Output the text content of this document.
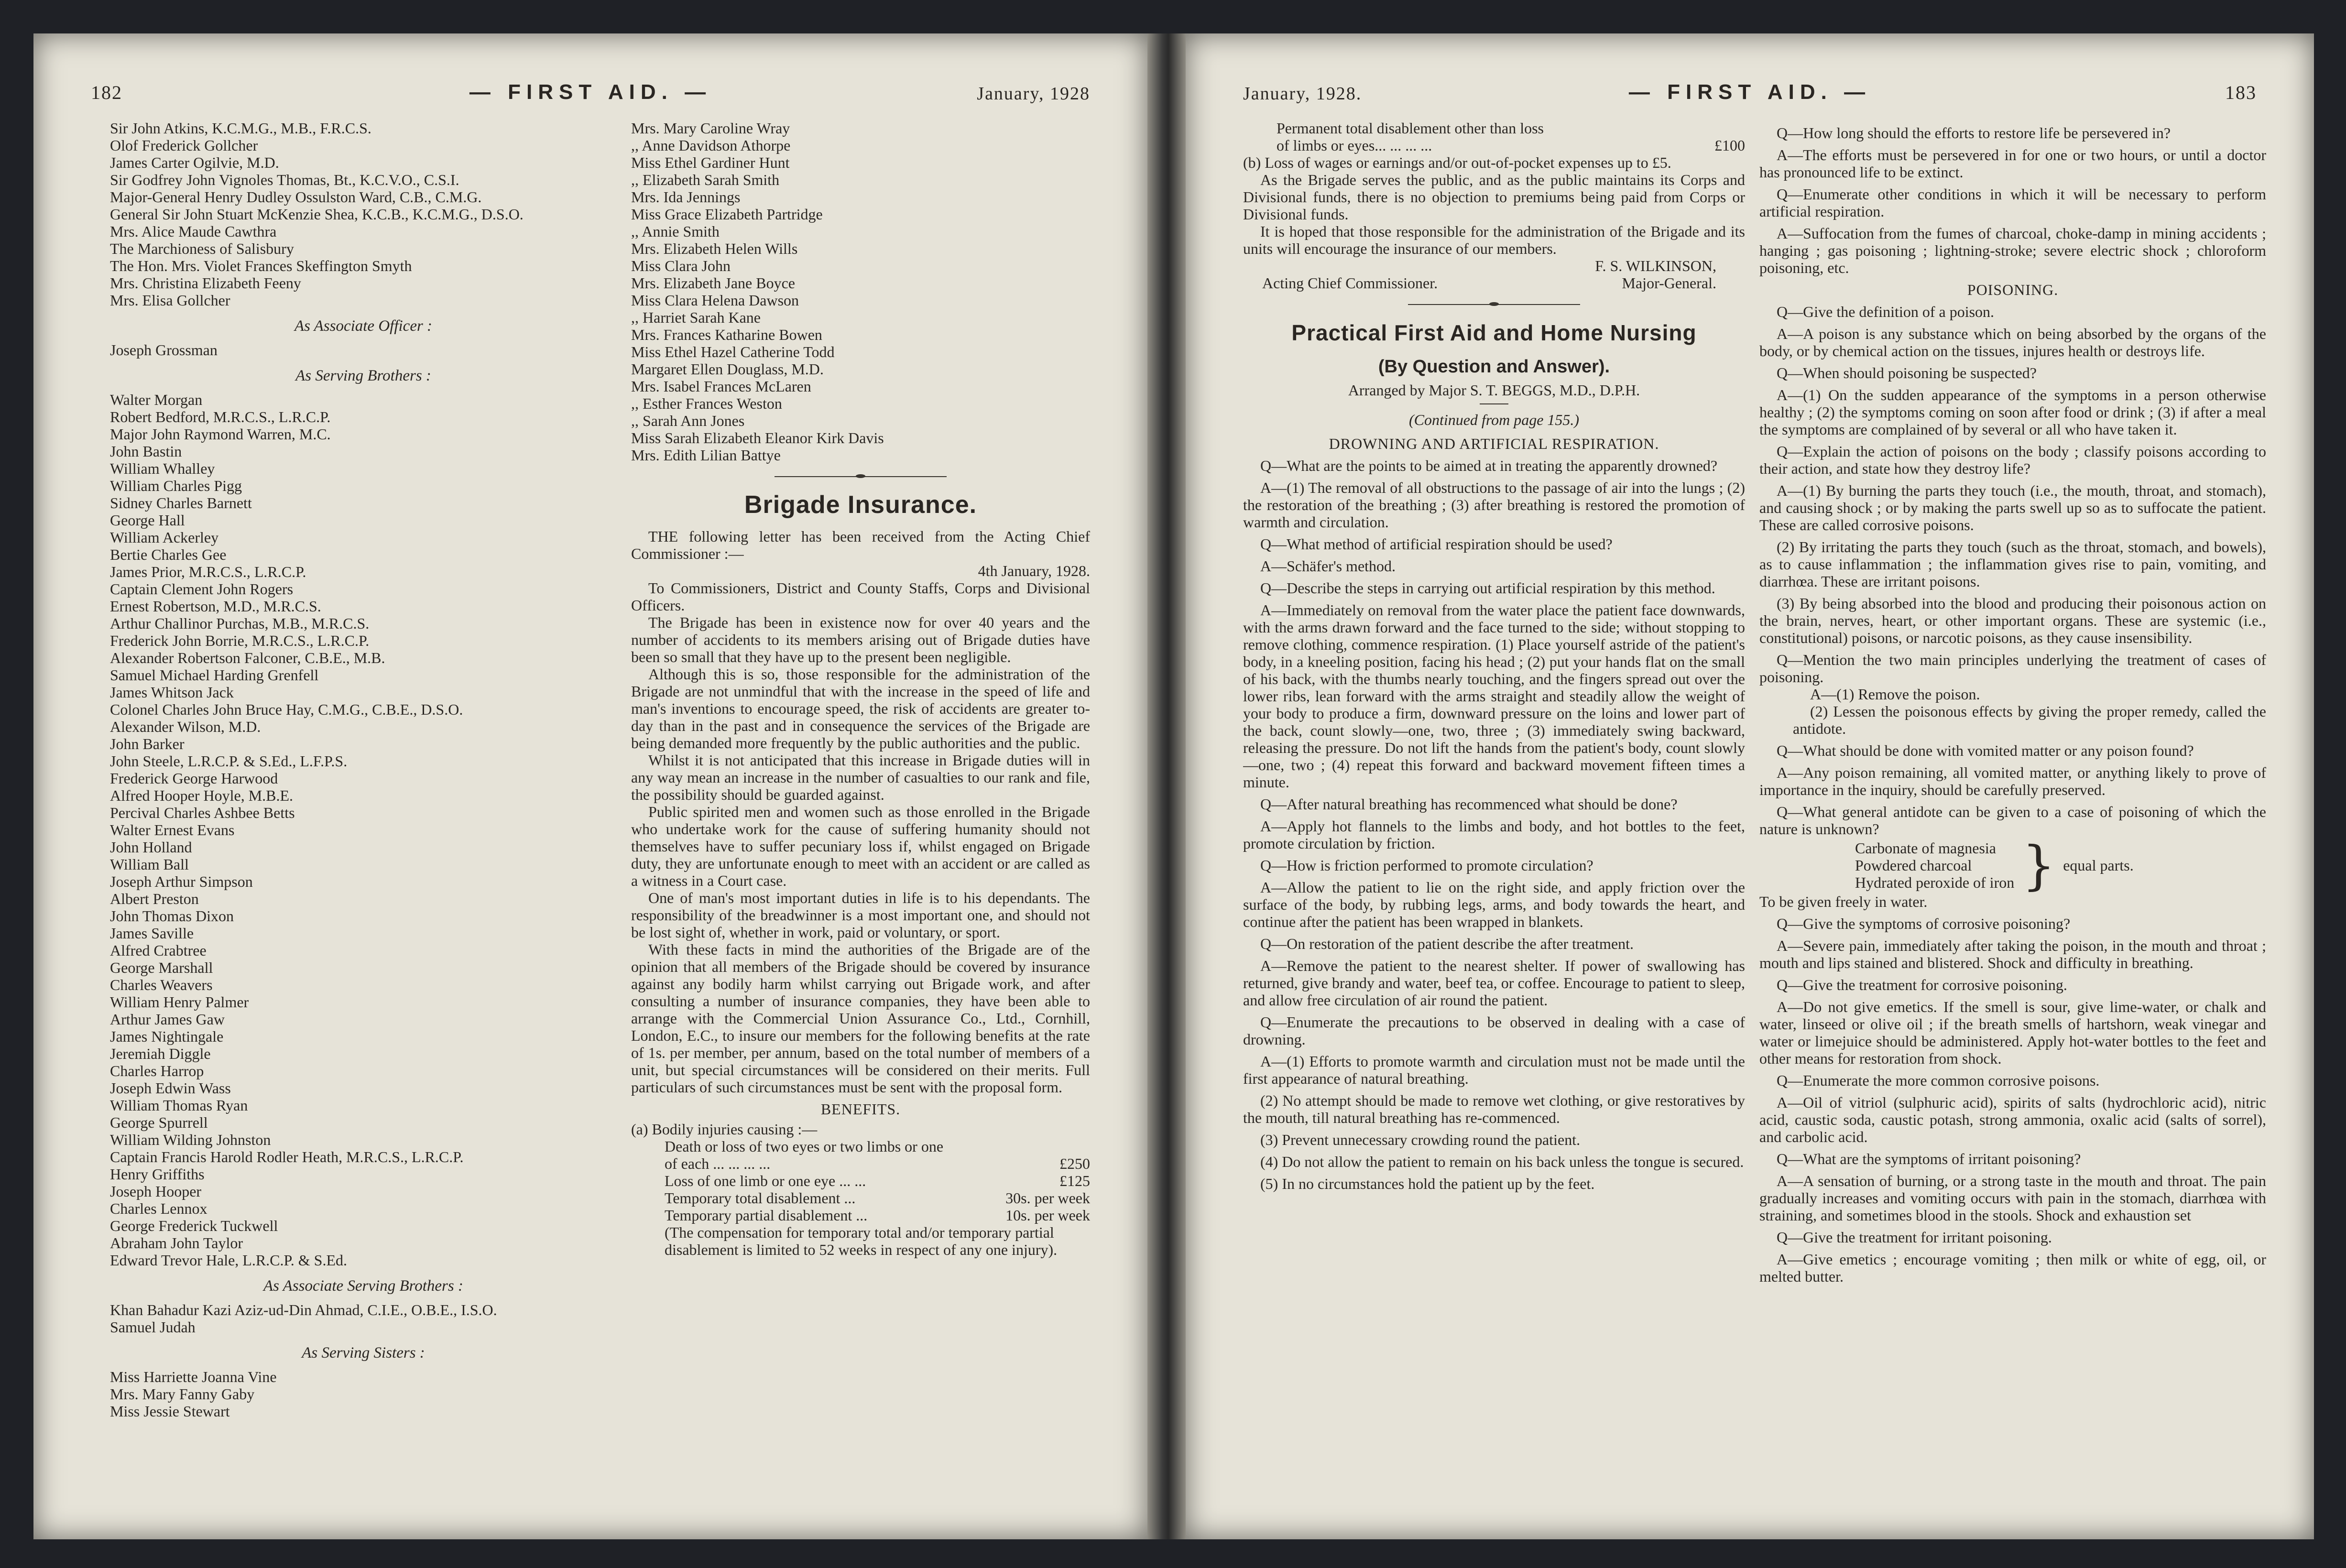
182	— FIRST AID. —	January, 1928
Sir John Atkins, K.C.M.G., M.B., F.R.C.S.
Olof Frederick Gollcher
James Carter Ogilvie, M.D.
Sir Godfrey John Vignoles Thomas, Bt., K.C.V.O., C.S.I.
Major-General Henry Dudley Ossulston Ward, C.B., C.M.G.
General Sir John Stuart McKenzie Shea, K.C.B., K.C.M.G., D.S.O.
Mrs. Alice Maude Cawthra
The Marchioness of Salisbury
The Hon. Mrs. Violet Frances Skeffington Smyth
Mrs. Christina Elizabeth Feeny
Mrs. Elisa Gollcher
As Associate Officer :
Joseph Grossman
As Serving Brothers :
Walter Morgan
Robert Bedford, M.R.C.S., L.R.C.P.
Major John Raymond Warren, M.C.
John Bastin
William Whalley
William Charles Pigg
Sidney Charles Barnett
George Hall
William Ackerley
Bertie Charles Gee
James Prior, M.R.C.S., L.R.C.P.
Captain Clement John Rogers
Ernest Robertson, M.D., M.R.C.S.
Arthur Challinor Purchas, M.B., M.R.C.S.
Frederick John Borrie, M.R.C.S., L.R.C.P.
Alexander Robertson Falconer, C.B.E., M.B.
Samuel Michael Harding Grenfell
James Whitson Jack
Colonel Charles John Bruce Hay, C.M.G., C.B.E., D.S.O.
Alexander Wilson, M.D.
John Barker
John Steele, L.R.C.P. & S.Ed., L.F.P.S.
Frederick George Harwood
Alfred Hooper Hoyle, M.B.E.
Percival Charles Ashbee Betts
Walter Ernest Evans
John Holland
William Ball
Joseph Arthur Simpson
Albert Preston
John Thomas Dixon
James Saville
Alfred Crabtree
George Marshall
Charles Weavers
William Henry Palmer
Arthur James Gaw
James Nightingale
Jeremiah Diggle
Charles Harrop
Joseph Edwin Wass
William Thomas Ryan
George Spurrell
William Wilding Johnston
Captain Francis Harold Rodler Heath, M.R.C.S., L.R.C.P.
Henry Griffiths
Joseph Hooper
Charles Lennox
George Frederick Tuckwell
Abraham John Taylor
Edward Trevor Hale, L.R.C.P. & S.Ed.
As Associate Serving Brothers :
Khan Bahadur Kazi Aziz-ud-Din Ahmad, C.I.E., O.B.E., I.S.O.
Samuel Judah
As Serving Sisters :
Miss Harriette Joanna Vine
Mrs. Mary Fanny Gaby
Miss Jessie Stewart
Mrs. Mary Caroline Wray
,, Anne Davidson Athorpe
Miss Ethel Gardiner Hunt
,, Elizabeth Sarah Smith
Mrs. Ida Jennings
Miss Grace Elizabeth Partridge
,, Annie Smith
Mrs. Elizabeth Helen Wills
Miss Clara John
Mrs. Elizabeth Jane Boyce
Miss Clara Helena Dawson
,, Harriet Sarah Kane
Mrs. Frances Katharine Bowen
Miss Ethel Hazel Catherine Todd
Margaret Ellen Douglass, M.D.
Mrs. Isabel Frances McLaren
,, Esther Frances Weston
,, Sarah Ann Jones
Miss Sarah Elizabeth Eleanor Kirk Davis
Mrs. Edith Lilian Battye
Brigade Insurance.

THE following letter has been received from the Acting Chief Commissioner :—

4th January, 1928.

To Commissioners, District and County Staffs, Corps and Divisional Officers.

The Brigade has been in existence now for over 40 years and the number of accidents to its members arising out of Brigade duties have been so small that they have up to the present been negligible.
Although this is so, those responsible for the administration of the Brigade are not unmindful that with the increase in the speed of life and man's inventions to encourage speed, the risk of accidents are greater to-day than in the past and in consequence the services of the Brigade are being demanded more frequently by the public authorities and the public.
Whilst it is not anticipated that this increase in Brigade duties will in any way mean an increase in the number of casualties to our rank and file, the possibility should be guarded against.
Public spirited men and women such as those enrolled in the Brigade who undertake work for the cause of suffering humanity should not themselves have to suffer pecuniary loss if, whilst engaged on Brigade duty, they are unfortunate enough to meet with an accident or are called as a witness in a Court case.
One of man's most important duties in life is to his dependants. The responsibility of the breadwinner is a most important one, and should not be lost sight of, whether in work, paid or voluntary, or sport.
With these facts in mind the authorities of the Brigade are of the opinion that all members of the Brigade should be covered by insurance against any bodily harm whilst carrying out Brigade work, and after consulting a number of insurance companies, they have been able to arrange with the Commercial Union Assurance Co., Ltd., Cornhill, London, E.C., to insure our members for the following benefits at the rate of 1s. per member, per annum, based on the total number of members of a unit, but special circumstances will be considered on their merits. Full particulars of such circumstances must be sent with the proposal form.
BENEFITS.

(a) Bodily injuries causing :—

Death or loss of two eyes or two limbs or one
of each ... ... ... ...	£250
Loss of one limb or one eye ... ...	£125
Temporary total disablement ...	30s. per week
Temporary partial disablement ...	10s. per week

(The compensation for temporary total and/or temporary partial disablement is limited to 52 weeks in respect of any one injury).

January, 1928.	— FIRST AID. —	183
Permanent total disablement other than loss
of limbs or eyes... ... ... ...	£100

(b) Loss of wages or earnings and/or out-of-pocket expenses up to £5.

As the Brigade serves the public, and as the public maintains its Corps and Divisional funds, there is no objection to premiums being paid from Corps or Divisional funds.
It is hoped that those responsible for the administration of the Brigade and its units will encourage the insurance of our members.

F. S. WILKINSON,

Acting Chief Commissioner.	Major-General.
Practical First Aid and Home Nursing
(By Question and Answer).

Arranged by Major S. T. BEGGS, M.D., D.P.H.

(Continued from page 155.)

DROWNING AND ARTIFICIAL RESPIRATION.
Q—What are the points to be aimed at in treating the apparently drowned?
A—(1) The removal of all obstructions to the passage of air into the lungs ; (2) the restoration of the breathing ; (3) after breathing is restored the promotion of warmth and circulation.
Q—What method of artificial respiration should be used?
A—Schäfer's method.
Q—Describe the steps in carrying out artificial respiration by this method.
A—Immediately on removal from the water place the patient face downwards, with the arms drawn forward and the face turned to the side; without stopping to remove clothing, commence respiration. (1) Place yourself astride of the patient's body, in a kneeling position, facing his head ; (2) put your hands flat on the small of his back, with the thumbs nearly touching, and the fingers spread out over the lower ribs, lean forward with the arms straight and steadily allow the weight of your body to produce a firm, downward pressure on the loins and lower part of the back, count slowly—one, two, three ; (3) immediately swing backward, releasing the pressure. Do not lift the hands from the patient's body, count slowly—one, two ; (4) repeat this forward and backward movement fifteen times a minute.
Q—After natural breathing has recommenced what should be done?
A—Apply hot flannels to the limbs and body, and hot bottles to the feet, promote circulation by friction.
Q—How is friction performed to promote circulation?
A—Allow the patient to lie on the right side, and apply friction over the surface of the body, by rubbing legs, arms, and body towards the heart, and continue after the patient has been wrapped in blankets.
Q—On restoration of the patient describe the after treatment.
A—Remove the patient to the nearest shelter. If power of swallowing has returned, give brandy and water, beef tea, or coffee. Encourage to patient to sleep, and allow free circulation of air round the patient.
Q—Enumerate the precautions to be observed in dealing with a case of drowning.
A—(1) Efforts to promote warmth and circulation must not be made until the first appearance of natural breathing.
(2) No attempt should be made to remove wet clothing, or give restoratives by the mouth, till natural breathing has re-commenced.
(3) Prevent unnecessary crowding round the patient.
(4) Do not allow the patient to remain on his back unless the tongue is secured.
(5) In no circumstances hold the patient up by the feet.
Q—How long should the efforts to restore life be persevered in?
A—The efforts must be persevered in for one or two hours, or until a doctor has pronounced life to be extinct.
Q—Enumerate other conditions in which it will be necessary to perform artificial respiration.
A—Suffocation from the fumes of charcoal, choke-damp in mining accidents ; hanging ; gas poisoning ; lightning-stroke; severe electric shock ; chloroform poisoning, etc.
POISONING.
Q—Give the definition of a poison.
A—A poison is any substance which on being absorbed by the organs of the body, or by chemical action on the tissues, injures health or destroys life.
Q—When should poisoning be suspected?
A—(1) On the sudden appearance of the symptoms in a person otherwise healthy ; (2) the symptoms coming on soon after food or drink ; (3) if after a meal the symptoms are complained of by several or all who have taken it.
Q—Explain the action of poisons on the body ; classify poisons according to their action, and state how they destroy life?
A—(1) By burning the parts they touch (i.e., the mouth, throat, and stomach), and causing shock ; or by making the parts swell up so as to suffocate the patient. These are called corrosive poisons.
(2) By irritating the parts they touch (such as the throat, stomach, and bowels), as to cause inflammation ; the inflammation gives rise to pain, vomiting, and diarrhœa. These are irritant poisons.
(3) By being absorbed into the blood and producing their poisonous action on the brain, nerves, heart, or other important organs. These are systemic (i.e., constitutional) poisons, or narcotic poisons, as they cause insensibility.
Q—Mention the two main principles underlying the treatment of cases of poisoning.
A—(1) Remove the poison.
(2) Lessen the poisonous effects by giving the proper remedy, called the antidote.
Q—What should be done with vomited matter or any poison found?
A—Any poison remaining, all vomited matter, or anything likely to prove of importance in the inquiry, should be carefully preserved.
Q—What general antidote can be given to a case of poisoning of which the nature is unknown?
Carbonate of magnesia
Powdered charcoal
Hydrated peroxide of iron } equal parts.

To be given freely in water.

Q—Give the symptoms of corrosive poisoning?
A—Severe pain, immediately after taking the poison, in the mouth and throat ; mouth and lips stained and blistered. Shock and difficulty in breathing.
Q—Give the treatment for corrosive poisoning.
A—Do not give emetics. If the smell is sour, give lime-water, or chalk and water, linseed or olive oil ; if the breath smells of hartshorn, weak vinegar and water or limejuice should be administered. Apply hot-water bottles to the feet and other means for restoration from shock.
Q—Enumerate the more common corrosive poisons.
A—Oil of vitriol (sulphuric acid), spirits of salts (hydrochloric acid), nitric acid, caustic soda, caustic potash, strong ammonia, oxalic acid (salts of sorrel), and carbolic acid.
Q—What are the symptoms of irritant poisoning?
A—A sensation of burning, or a strong taste in the mouth and throat. The pain gradually increases and vomiting occurs with pain in the stomach, diarrhœa with straining, and sometimes blood in the stools. Shock and exhaustion set
Q—Give the treatment for irritant poisoning.
A—Give emetics ; encourage vomiting ; then milk or white of egg, oil, or melted butter.
